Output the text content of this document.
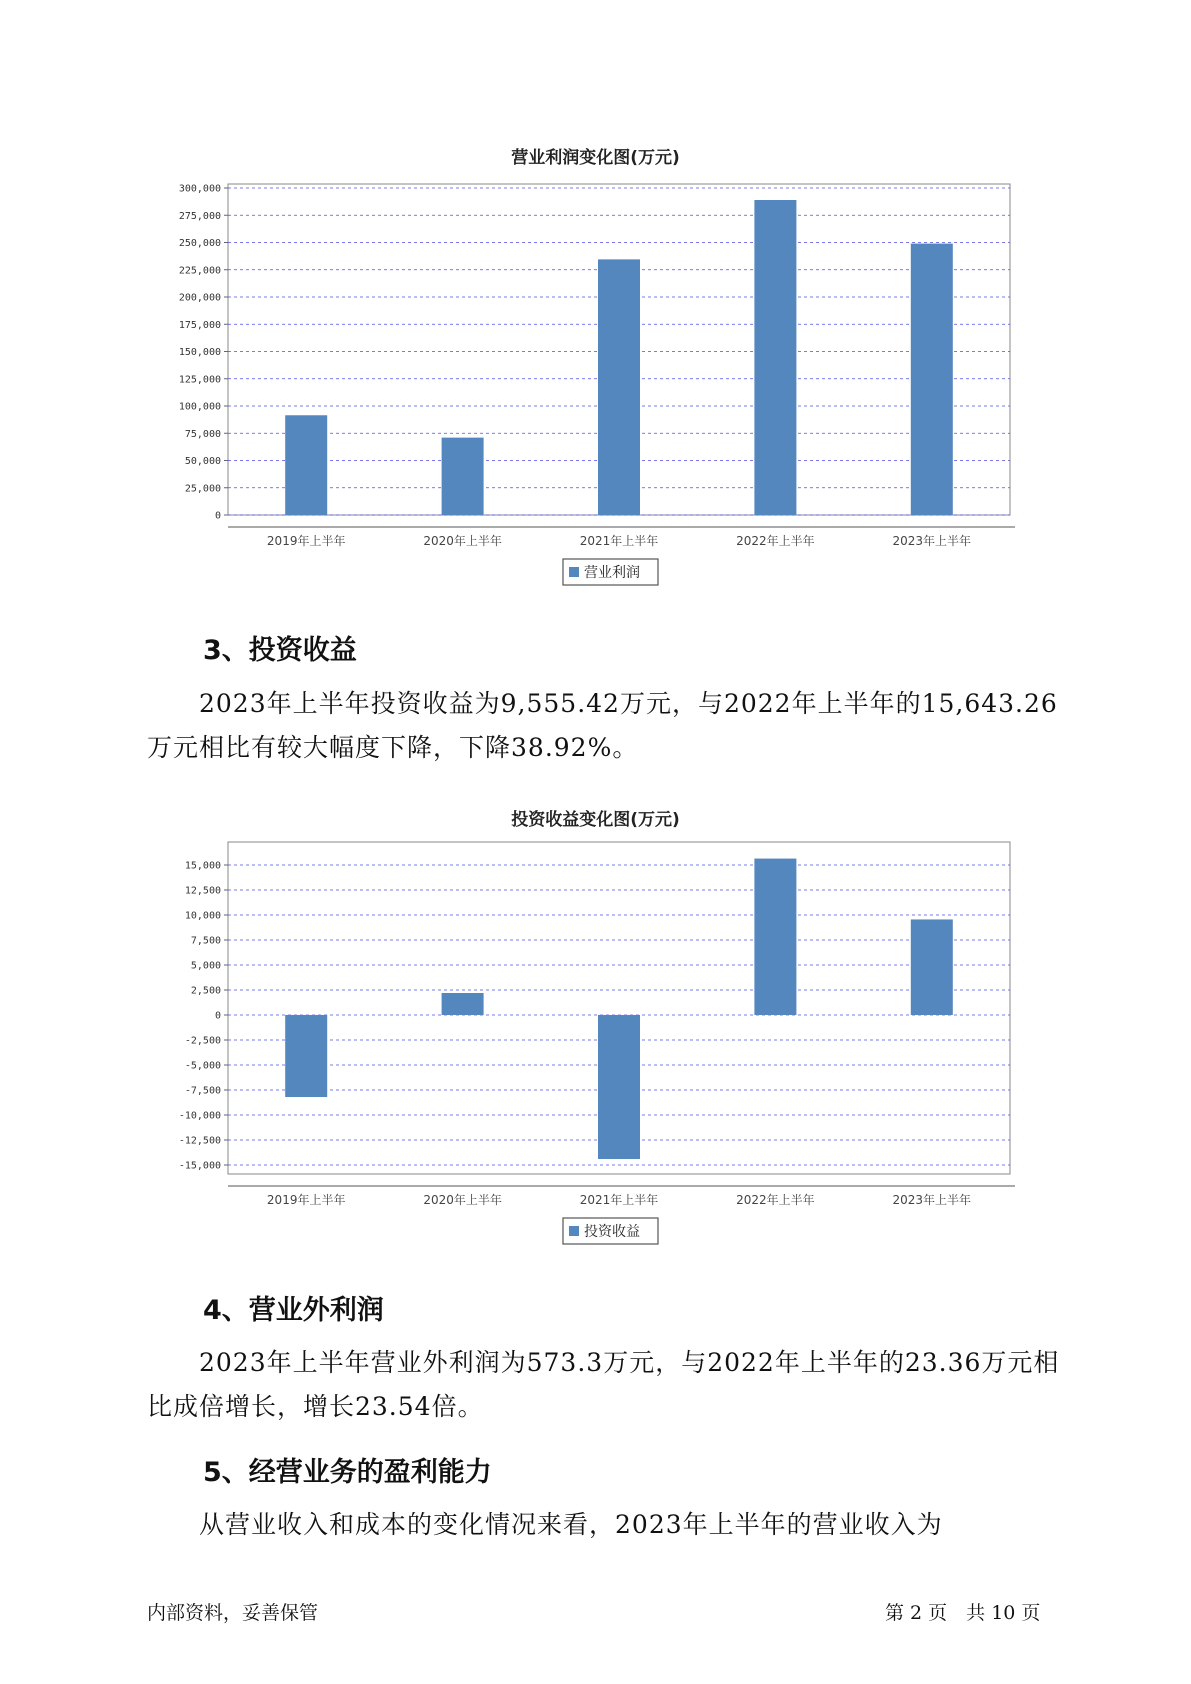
营业利润变化图(万元)
0
25,000
50,000
75,000
100,000
125,000
150,000
175,000
200,000
225,000
250,000
275,000
300,000
2019年上半年	2020年上半年	2021年上半年	2022年上半年	2023年上半年
营业利润
3、投资收益

2023年上半年投资收益为9,555.42万元，与2022年上半年的15,643.26万元相比有较大幅度下降，下降38.92%。

投资收益变化图(万元)
-15,000
-12,500
-10,000
-7,500
-5,000
-2,500
0
2,500
5,000
7,500
10,000
12,500
15,000
2019年上半年	2020年上半年	2021年上半年	2022年上半年	2023年上半年
投资收益
4、营业外利润

2023年上半年营业外利润为573.3万元，与2022年上半年的23.36万元相比成倍增长，增长23.54倍。

5、经营业务的盈利能力

从营业收入和成本的变化情况来看，2023年上半年的营业收入为

内部资料，妥善保管	第 2 页　共 10 页
